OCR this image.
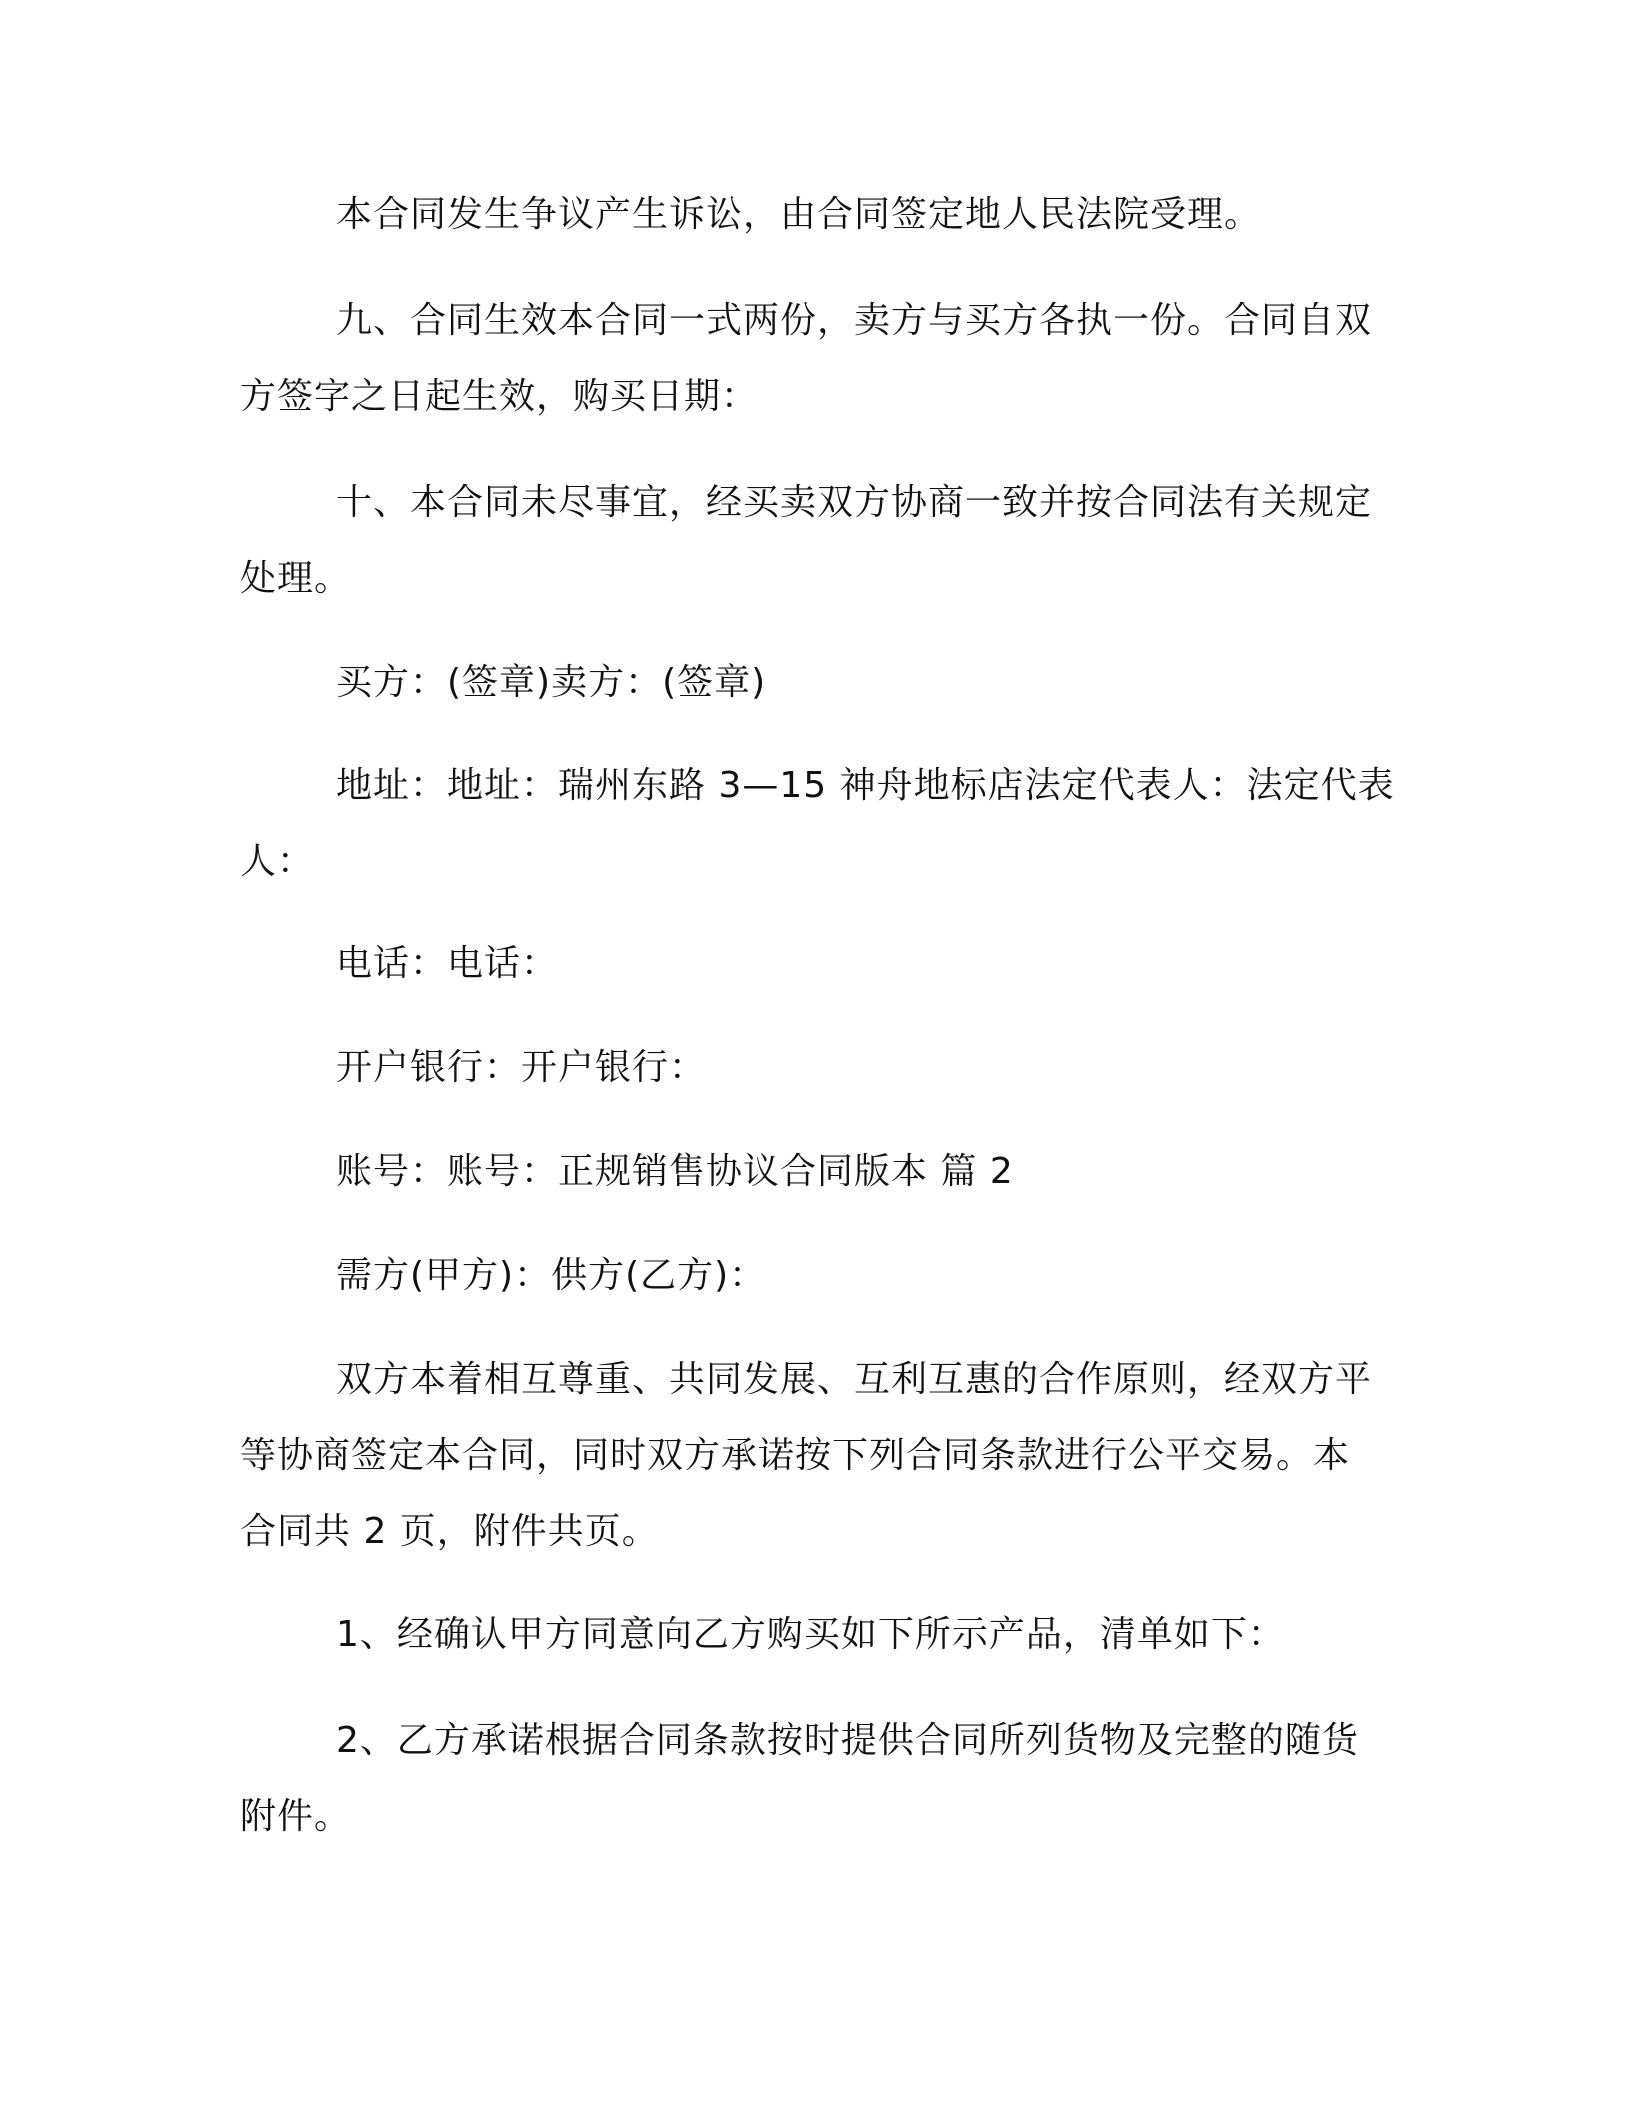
本合同发生争议产生诉讼，由合同签定地人民法院受理。

九、合同生效本合同一式两份，卖方与买方各执一份。合同自双
方签字之日起生效，购买日期：

十、本合同未尽事宜，经买卖双方协商一致并按合同法有关规定
处理。

买方：(签章)卖方：(签章)

地址：地址：瑞州东路 3—15 神舟地标店法定代表人：法定代表
人：

电话：电话：

开户银行：开户银行：

账号：账号：正规销售协议合同版本 篇 2

需方(甲方)：供方(乙方)：

双方本着相互尊重、共同发展、互利互惠的合作原则，经双方平
等协商签定本合同，同时双方承诺按下列合同条款进行公平交易。本
合同共 2 页，附件共页。

1、经确认甲方同意向乙方购买如下所示产品，清单如下：

2、乙方承诺根据合同条款按时提供合同所列货物及完整的随货
附件。
